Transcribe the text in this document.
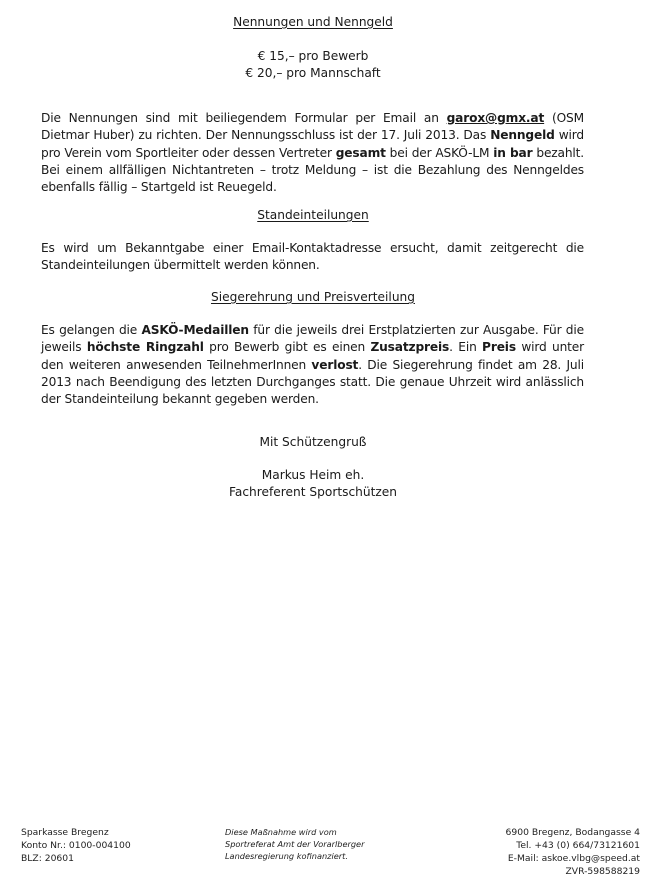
Nennungen und Nenngeld
€ 15,– pro Bewerb
€ 20,– pro Mannschaft

Die Nennungen sind mit beiliegendem Formular per Email an garox@gmx.at (OSM Dietmar Huber) zu richten. Der Nennungsschluss ist der 17. Juli 2013. Das Nenngeld wird pro Verein vom Sportleiter oder dessen Vertreter gesamt bei der ASKÖ-LM in bar bezahlt. Bei einem allfälligen Nichtantreten – trotz Meldung – ist die Bezahlung des Nenngeldes ebenfalls fällig – Startgeld ist Reuegeld.

Standeinteilungen

Es wird um Bekanntgabe einer Email-Kontaktadresse ersucht, damit zeitgerecht die Standeinteilungen übermittelt werden können.

Siegerehrung und Preisverteilung

Es gelangen die ASKÖ-Medaillen für die jeweils drei Erstplatzierten zur Ausgabe. Für die jeweils höchste Ringzahl pro Bewerb gibt es einen Zusatzpreis. Ein Preis wird unter den weiteren anwesenden TeilnehmerInnen verlost. Die Siegerehrung findet am 28. Juli 2013 nach Beendigung des letzten Durchganges statt. Die genaue Uhrzeit wird anlässlich der Standeinteilung bekannt gegeben werden.

Mit Schützengruß
Markus Heim eh.
Fachreferent Sportschützen
Sparkasse Bregenz
Konto Nr.: 0100-004100
BLZ: 20601
Diese Maßnahme wird vom
Sportreferat Amt der Vorarlberger
Landesregierung kofinanziert.
6900 Bregenz, Bodangasse 4
Tel. +43 (0) 664/73121601
E-Mail: askoe.vlbg@speed.at
ZVR-598588219
